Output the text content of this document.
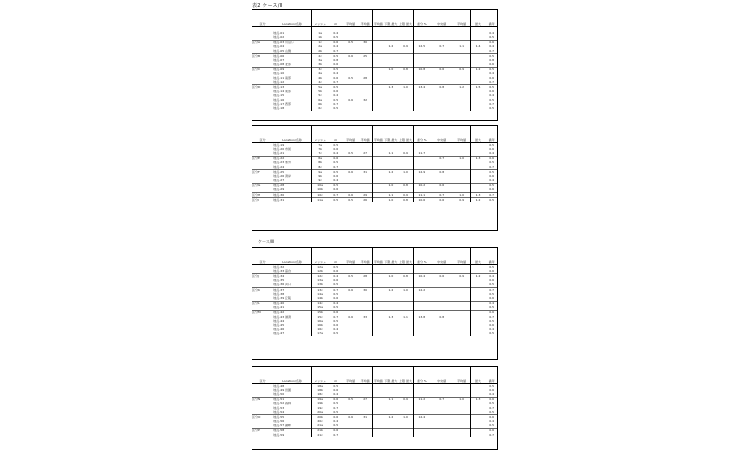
表2 ケース/Ⅱ
ケース/Ⅲ
区分	Location/名称	メッシュ	m	平均値	平均値	平均値	下限 最大	上限 最大	差分 %	中央値	平均値	最大	備考

	地点-01	1a	0.4										0.4
	地点-02	1b	0.5										0.5
区分A	地点-03 川沿い	1c	0.6	0.5	30								0.6
	地点-04	2a	0.4				1.2	0.9	12.5	0.7	1.1	1.4	0.4
	地点-05 山側	2b	0.7										0.7
区分B	地点-06	2c	0.5	0.6	25								0.5
	地点-07	3a	0.8										0.8
	地点-08 北部	3b	0.6										0.6
区分C	地点-09	3c	0.5				1.0	0.8	10.8	0.6	0.9	1.2	0.5
	地点-10	4a	0.4										0.4
	地点-11 南部	4b	0.6	0.5	28								0.6
	地点-12	4c	0.7										0.7
区分D	地点-13	5a	0.5				1.3	1.0	13.4	0.8	1.2	1.5	0.5
	地点-14 東部	5b	0.6										0.6
	地点-15	5c	0.4										0.4
	地点-16	6a	0.5	0.6	32								0.5
	地点-17 西部	6b	0.7										0.7
	地点-18	6c	0.5										0.5
区分	Location/名称	メッシュ	m	平均値	平均値	平均値	下限 最大	上限 最大	差分 %	中央値	平均値	最大	備考
	地点-19	7a	0.5										0.5
	地点-20 市街	7b	0.6										0.6
	地点-21	7c	0.4	0.5	27		1.1	0.9	11.7				0.4
区分E	地点-22	8a	0.6							0.7	1.0	1.3	0.6
	地点-23 郊外	8b	0.5										0.5
	地点-24	8c	0.7										0.7
区分F	地点-25	9a	0.5	0.6	31		1.2	1.0	12.9	0.8			0.5
	地点-26 湾岸	9b	0.6										0.6
	地点-27	9c	0.4										0.4
区分G	地点-28	10a	0.5				1.0	0.8	10.2	0.6			0.5
	地点-29	10b	0.6										0.6
区分H	地点-30	10c	0.7	0.6	29		1.1	0.9	11.1	0.7	1.0	1.3	0.7
区分I	地点-31	11a	0.5	0.5	26		1.0	0.8	10.6	0.6	0.9	1.2	0.5
区分	Location/名称	メッシュ	m	平均値	平均値	平均値	下限 最大	上限 最大	差分 %	中央値	平均値	最大	備考
	地点-32	12a	0.5										0.5
	地点-33 高台	12b	0.6										0.6
区分J	地点-34	12c	0.4	0.5	28		1.0	0.8	10.4	0.6	0.9	1.2	0.4
	地点-35	13a	0.6										0.6
	地点-36 河口	13b	0.5										0.5
区分K	地点-37	13c	0.7	0.6	30		1.2	1.0	12.2				0.7
	地点-38	14a	0.5										0.5
	地点-39 丘陵	14b	0.6										0.6
区分L	地点-40	14c	0.4										0.4
	地点-41	15a	0.5										0.5
区分M	地点-42	15b	0.6										0.6
	地点-43 港湾	15c	0.7	0.6	33		1.3	1.1	13.8	0.8			0.7
	地点-44	16a	0.5										0.5
	地点-45	16b	0.6										0.6
	地点-46	16c	0.4										0.4
	地点-47	17a	0.5										0.5
区分	Location/名称	メッシュ	m	平均値	平均値	平均値	下限 最大	上限 最大	差分 %	中央値	平均値	最大	備考
	地点-48	18a	0.5										0.5
	地点-49 田園	18b	0.6										0.6
	地点-50	18c	0.4										0.4
区分N	地点-51	19a	0.6	0.5	27		1.1	0.9	11.2	0.7	1.0	1.3	0.6
	地点-52 森林	19b	0.5										0.5
	地点-53	19c	0.7										0.7
	地点-54	20a	0.5										0.5
区分O	地点-55	20b	0.6	0.6	31		1.2	1.0	12.4				0.6
	地点-56	20c	0.4										0.4
	地点-57 湖畔	21a	0.5										0.5
区分P	地点-58	21b	0.6										0.6
	地点-59	21c	0.7										0.7
